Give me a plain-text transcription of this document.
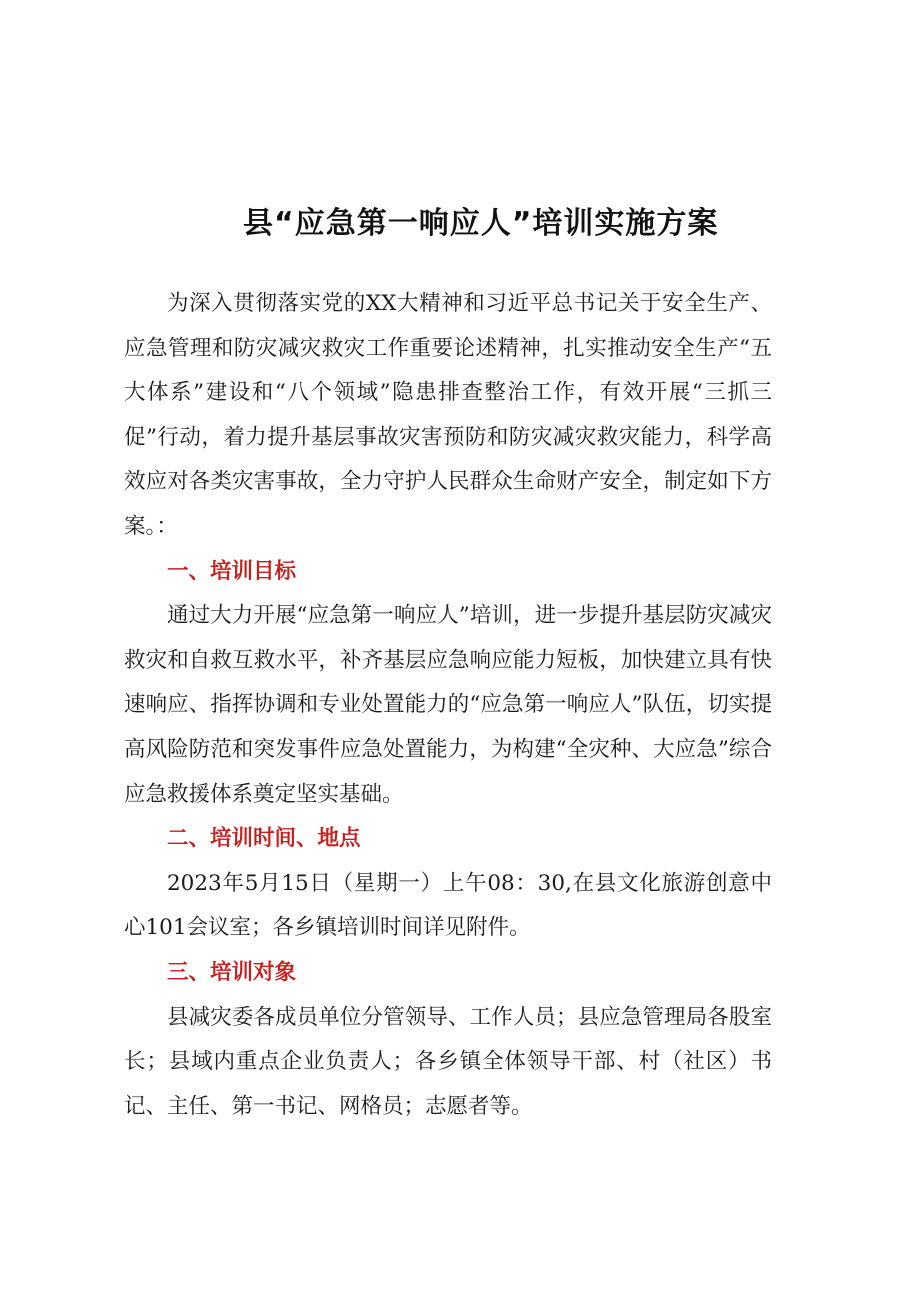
县“应急第一响应人”培训实施方案

为深入贯彻落实党的XX大精神和习近平总书记关于安全生产、应急管理和防灾减灾救灾工作重要论述精神，扎实推动安全生产“五大体系”建设和“八个领域”隐患排查整治工作，有效开展“三抓三促”行动，着力提升基层事故灾害预防和防灾减灾救灾能力，科学高效应对各类灾害事故，全力守护人民群众生命财产安全，制定如下方案。：

一、培训目标

通过大力开展“应急第一响应人”培训，进一步提升基层防灾减灾救灾和自救互救水平，补齐基层应急响应能力短板，加快建立具有快速响应、指挥协调和专业处置能力的“应急第一响应人”队伍，切实提高风险防范和突发事件应急处置能力，为构建“全灾种、大应急”综合应急救援体系奠定坚实基础。

二、培训时间、地点

2023年5月15日（星期一）上午08：30,在县文化旅游创意中心101会议室；各乡镇培训时间详见附件。

三、培训对象

县减灾委各成员单位分管领导、工作人员；县应急管理局各股室长；县域内重点企业负责人；各乡镇全体领导干部、村（社区）书记、主任、第一书记、网格员；志愿者等。
